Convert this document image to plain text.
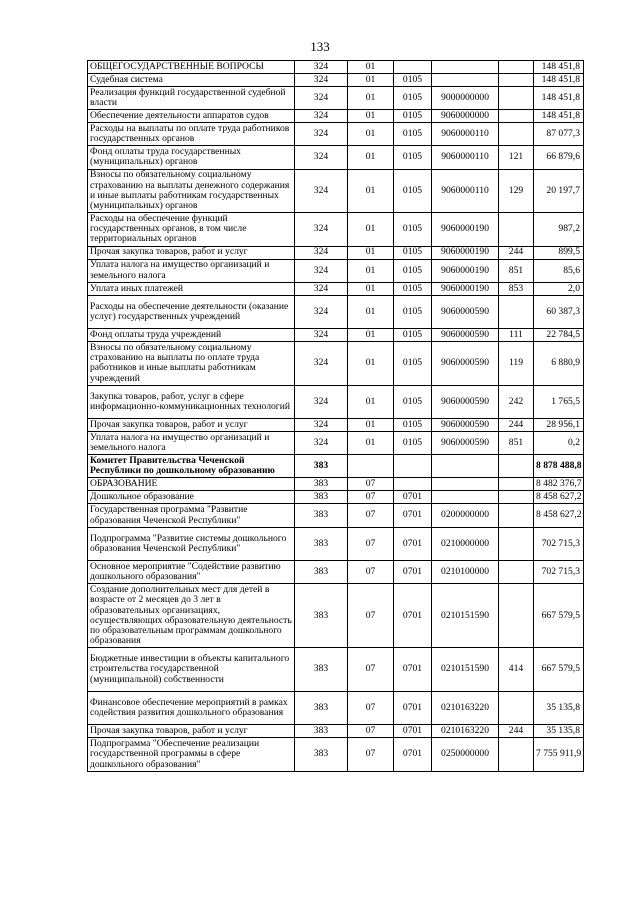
133
ОБЩЕГОСУДАРСТВЕННЫЕ ВОПРОСЫ	324	01				148 451,8
Судебная система	324	01	0105			148 451,8
Реализация функций государственной судебной власти	324	01	0105	9000000000		148 451,8
Обеспечение деятельности аппаратов судов	324	01	0105	9060000000		148 451,8
Расходы на выплаты по оплате труда работников государственных органов	324	01	0105	9060000110		87 077,3
Фонд оплаты труда государственных (муниципальных) органов	324	01	0105	9060000110	121	66 879,6
Взносы по обязательному социальному страхованию на выплаты денежного содержания и иные выплаты работникам государственных (муниципальных) органов	324	01	0105	9060000110	129	20 197,7
Расходы на обеспечение функций государственных органов, в том числе территориальных органов	324	01	0105	9060000190		987,2
Прочая закупка товаров, работ и услуг	324	01	0105	9060000190	244	899,5
Уплата налога на имущество организаций и земельного налога	324	01	0105	9060000190	851	85,6
Уплата иных платежей	324	01	0105	9060000190	853	2,0
Расходы на обеспечение деятельности (оказание услуг) государственных учреждений	324	01	0105	9060000590		60 387,3
Фонд оплаты труда учреждений	324	01	0105	9060000590	111	22 784,5
Взносы по обязательному социальному страхованию на выплаты по оплате труда работников и иные выплаты работникам учреждений	324	01	0105	9060000590	119	6 880,9
Закупка товаров, работ, услуг в сфере информационно-коммуникационных технологий	324	01	0105	9060000590	242	1 765,5
Прочая закупка товаров, работ и услуг	324	01	0105	9060000590	244	28 956,1
Уплата налога на имущество организаций и земельного налога	324	01	0105	9060000590	851	0,2
Комитет Правительства Чеченской Республики по дошкольному образованию	383					8 878 488,8
ОБРАЗОВАНИЕ	383	07				8 482 376,7
Дошкольное образование	383	07	0701			8 458 627,2
Государственная программа "Развитие образования Чеченской Республики"	383	07	0701	0200000000		8 458 627,2
Подпрограмма "Развитие системы дошкольного образования Чеченской Республики"	383	07	0701	0210000000		702 715,3
Основное мероприятие "Содействие развитию дошкольного образования"	383	07	0701	0210100000		702 715,3
Создание дополнительных мест для детей в возрасте от 2 месяцев до 3 лет в образовательных организациях, осуществляющих образовательную деятельность по образовательным программам дошкольного образования	383	07	0701	0210151590		667 579,5
Бюджетные инвестиции в объекты капитального строительства государственной (муниципальной) собственности	383	07	0701	0210151590	414	667 579,5
Финансовое обеспечение мероприятий в рамках содействия развития дошкольного образования	383	07	0701	0210163220		35 135,8
Прочая закупка товаров, работ и услуг	383	07	0701	0210163220	244	35 135,8
Подпрограмма "Обеспечение реализации государственной программы в сфере дошкольного образования"	383	07	0701	0250000000		7 755 911,9
